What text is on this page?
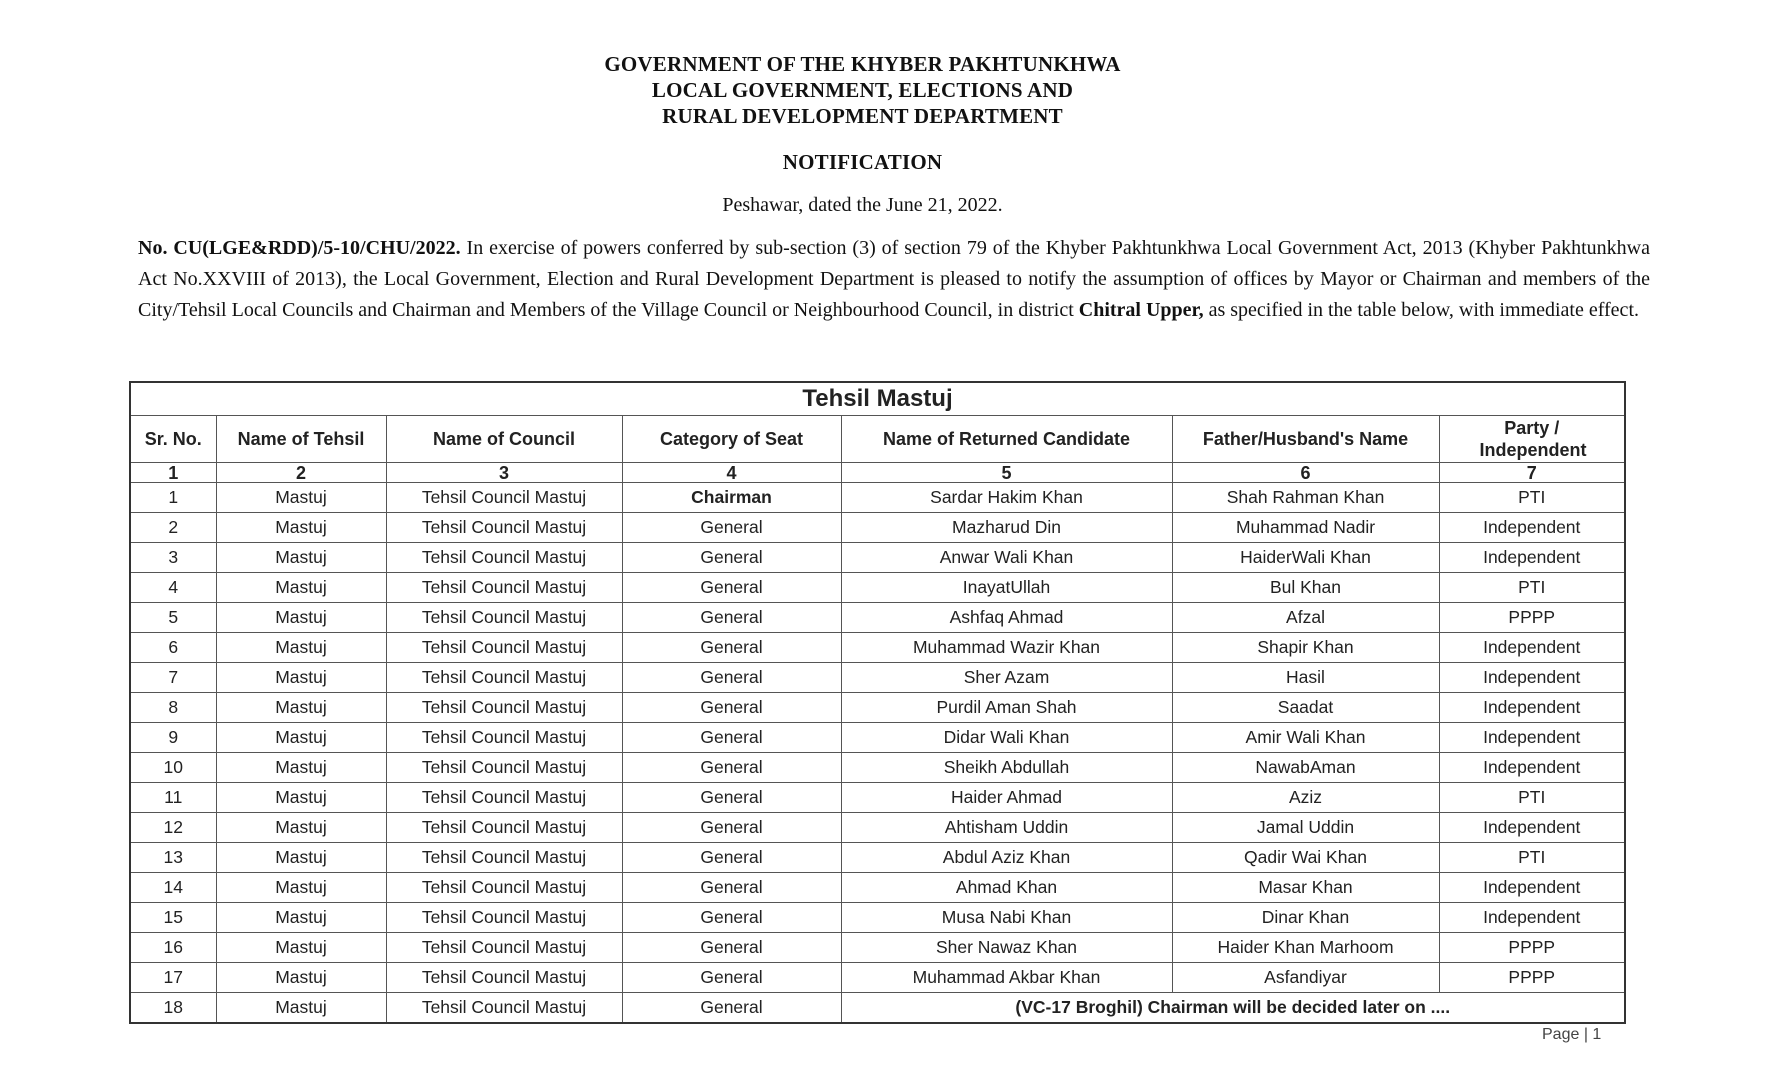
GOVERNMENT OF THE KHYBER PAKHTUNKHWA
LOCAL GOVERNMENT, ELECTIONS AND
RURAL DEVELOPMENT DEPARTMENT
NOTIFICATION
Peshawar, dated the June 21, 2022.
No. CU(LGE&RDD)/5-10/CHU/2022. In exercise of powers conferred by sub-section (3) of section 79 of the Khyber Pakhtunkhwa Local Government Act, 2013 (Khyber Pakhtunkhwa Act No.XXVIII of 2013), the Local Government, Election and Rural Development Department is pleased to notify the assumption of offices by Mayor or Chairman and members of the City/Tehsil Local Councils and Chairman and Members of the Village Council or Neighbourhood Council, in district Chitral Upper, as specified in the table below, with immediate effect.
Tehsil Mastuj						
Sr. No.	Name of Tehsil	Name of Council	Category of Seat	Name of Returned Candidate	Father/Husband's Name	Party / Independent
1	2	3	4	5	6	7
1	Mastuj	Tehsil Council Mastuj	Chairman	Sardar Hakim Khan	Shah Rahman Khan	PTI
2	Mastuj	Tehsil Council Mastuj	General	Mazharud Din	Muhammad Nadir	Independent
3	Mastuj	Tehsil Council Mastuj	General	Anwar Wali Khan	HaiderWali Khan	Independent
4	Mastuj	Tehsil Council Mastuj	General	InayatUllah	Bul Khan	PTI
5	Mastuj	Tehsil Council Mastuj	General	Ashfaq Ahmad	Afzal	PPPP
6	Mastuj	Tehsil Council Mastuj	General	Muhammad Wazir Khan	Shapir Khan	Independent
7	Mastuj	Tehsil Council Mastuj	General	Sher Azam	Hasil	Independent
8	Mastuj	Tehsil Council Mastuj	General	Purdil Aman Shah	Saadat	Independent
9	Mastuj	Tehsil Council Mastuj	General	Didar Wali Khan	Amir Wali Khan	Independent
10	Mastuj	Tehsil Council Mastuj	General	Sheikh Abdullah	NawabAman	Independent
11	Mastuj	Tehsil Council Mastuj	General	Haider Ahmad	Aziz	PTI
12	Mastuj	Tehsil Council Mastuj	General	Ahtisham Uddin	Jamal Uddin	Independent
13	Mastuj	Tehsil Council Mastuj	General	Abdul Aziz Khan	Qadir Wai Khan	PTI
14	Mastuj	Tehsil Council Mastuj	General	Ahmad Khan	Masar Khan	Independent
15	Mastuj	Tehsil Council Mastuj	General	Musa Nabi Khan	Dinar Khan	Independent
16	Mastuj	Tehsil Council Mastuj	General	Sher Nawaz Khan	Haider Khan Marhoom	PPPP
17	Mastuj	Tehsil Council Mastuj	General	Muhammad Akbar Khan	Asfandiyar	PPPP
18	Mastuj	Tehsil Council Mastuj	General	(VC-17 Broghil) Chairman will be decided later on ....		
Page | 1
